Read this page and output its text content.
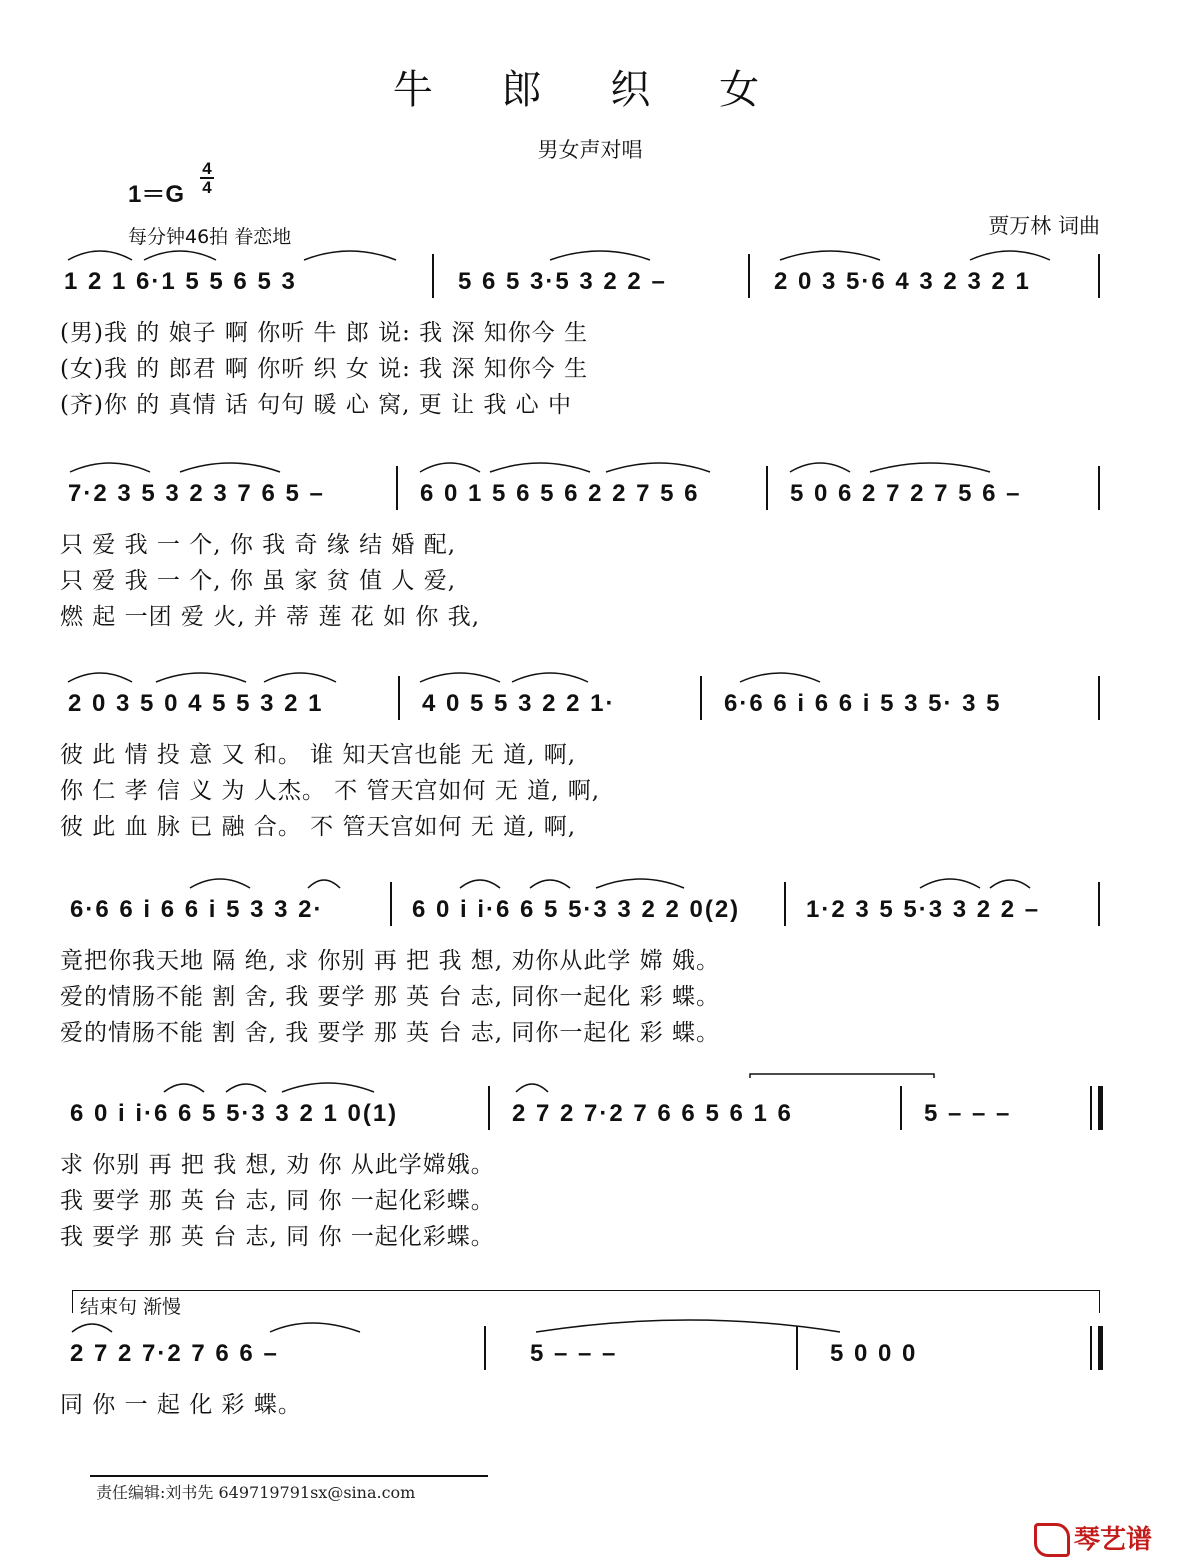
牛 郎 织 女
男女声对唱
1＝G
4
4
每分钟46拍 眷恋地	贾万林 词曲
1 2 1 6·1 5 5 6 5 3	5 6 5 3·5 3 2 2 –	2 0 3 5·6 4 3 2 3 2 1
(男)我 的 娘子 啊 你听 牛 郎 说: 我 深 知你今 生
(女)我 的 郎君 啊 你听 织 女 说: 我 深 知你今 生
(齐)你 的 真情 话 句句 暖 心 窝, 更 让 我 心 中
7·2 3 5 3 2 3 7 6 5 –	6 0 1 5 6 5 6 2 2 7 5 6	5 0 6 2 7 2 7 5 6 –
只 爱 我 一 个, 你 我 奇 缘 结 婚 配,
只 爱 我 一 个, 你 虽 家 贫 值 人 爱,
燃 起 一团 爱 火, 并 蒂 莲 花 如 你 我,
2 0 3 5 0 4 5 5 3 2 1	4 0 5 5 3 2 2 1·	6·6 6 i 6 6 i 5 3 5· 3 5
彼 此 情 投 意 又 和。 谁 知天宫也能 无 道, 啊,
你 仁 孝 信 义 为 人杰。 不 管天宫如何 无 道, 啊,
彼 此 血 脉 已 融 合。 不 管天宫如何 无 道, 啊,
6·6 6 i 6 6 i 5 3 3 2·	6 0 i i·6 6 5 5·3 3 2 2 0(2)	1·2 3 5 5·3 3 2 2 –
竟把你我天地 隔 绝, 求 你别 再 把 我 想, 劝你从此学 嫦 娥。
爱的情肠不能 割 舍, 我 要学 那 英 台 志, 同你一起化 彩 蝶。
爱的情肠不能 割 舍, 我 要学 那 英 台 志, 同你一起化 彩 蝶。
6 0 i i·6 6 5 5·3 3 2 1 0(1)	2 7 2 7·2 7 6 6 5 6 1 6	5 – – –
求 你别 再 把 我 想, 劝 你 从此学嫦娥。
我 要学 那 英 台 志, 同 你 一起化彩蝶。
我 要学 那 英 台 志, 同 你 一起化彩蝶。
结束句 渐慢
2 7 2 7·2 7 6 6 –	5 – – –	5 0 0 0
同 你 一 起 化 彩 蝶。
责任编辑:刘书先 649719791sx@sina.com
琴艺谱
